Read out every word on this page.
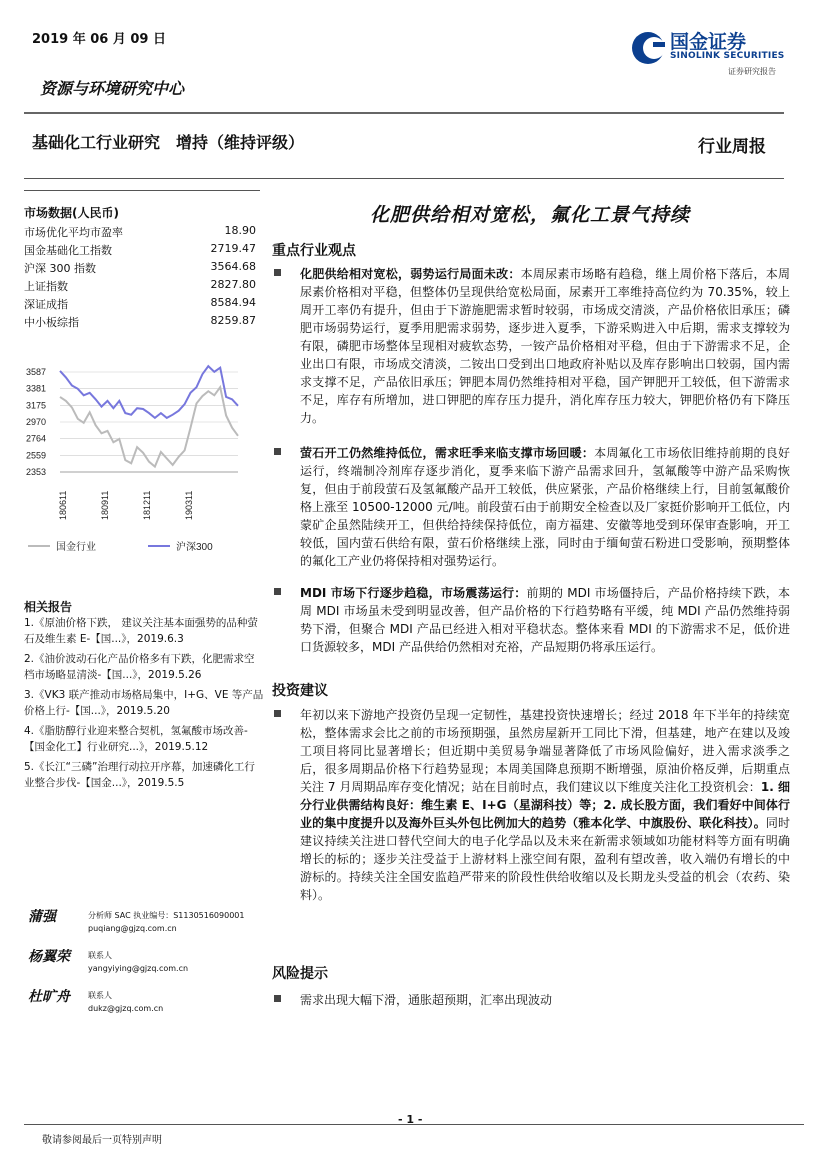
2019 年 06 月 09 日
资源与环境研究中心
国金证券
SINOLINK SECURITIES
证券研究报告
基础化工行业研究　增持（维持评级）	行业周报
市场数据(人民币)
市场优化平均市盈率	18.90
国金基础化工指数	2719.47
沪深 300 指数	3564.68
上证指数	2827.80
深证成指	8584.94
中小板综指	8259.87
3587
3381
3175
2970
2764
2559
2353
180611	180911	181211	190311
国金行业	沪深300
相关报告
1.《原油价格下跌， 建议关注基本面强势的品种萤石及维生素 E-【国...》，2019.6.3
2.《油价波动石化产品价格多有下跌，化肥需求空档市场略显清淡-【国...》，2019.5.26
3.《VK3 联产推动市场格局集中，I+G、VE 等产品价格上行-【国...》，2019.5.20
4.《脂肪醇行业迎来整合契机，氢氟酸市场改善-【国金化工】行业研究...》，2019.5.12
5.《长江“三磷”治理行动拉开序幕，加速磷化工行业整合步伐-【国金...》，2019.5.5
蒲强	分析师 SAC 执业编号：S1130516090001
puqiang@gjzq.com.cn
杨翼荣 联系人
yangyiying@gjzq.com.cn
杜旷舟 联系人
dukz@gjzq.com.cn
化肥供给相对宽松，氟化工景气持续
重点行业观点
化肥供给相对宽松，弱势运行局面未改：本周尿素市场略有趋稳，继上周价格下落后，本周尿素价格相对平稳，但整体仍呈现供给宽松局面，尿素开工率维持高位约为 70.35%，较上周开工率仍有提升，但由于下游施肥需求暂时较弱，市场成交清淡，产品价格依旧承压；磷肥市场弱势运行，夏季用肥需求弱势，逐步进入夏季，下游采购进入中后期，需求支撑较为有限，磷肥市场整体呈现相对疲软态势，一铵产品价格相对平稳，但由于下游需求不足，企业出口有限，市场成交清淡，二铵出口受到出口地政府补贴以及库存影响出口较弱，国内需求支撑不足，产品依旧承压；钾肥本周仍然维持相对平稳，国产钾肥开工较低，但下游需求不足，库存有所增加，进口钾肥的库存压力提升，消化库存压力较大，钾肥价格仍有下降压力。
萤石开工仍然维持低位，需求旺季来临支撑市场回暖：本周氟化工市场依旧维持前期的良好运行，终端制冷剂库存逐步消化，夏季来临下游产品需求回升，氢氟酸等中游产品采购恢复，但由于前段萤石及氢氟酸产品开工较低，供应紧张，产品价格继续上行，目前氢氟酸价格上涨至 10500-12000 元/吨。前段萤石由于前期安全检查以及厂家挺价影响开工低位，内蒙矿企虽然陆续开工，但供给持续保持低位，南方福建、安徽等地受到环保审查影响，开工较低，国内萤石供给有限，萤石价格继续上涨，同时由于缅甸萤石粉进口受影响，预期整体的氟化工产业仍将保持相对强势运行。
MDI 市场下行逐步趋稳，市场震荡运行：前期的 MDI 市场僵持后，产品价格持续下跌，本周 MDI 市场虽未受到明显改善，但产品价格的下行趋势略有平缓，纯 MDI 产品仍然维持弱势下滑，但聚合 MDI 产品已经进入相对平稳状态。整体来看 MDI 的下游需求不足，低价进口货源较多，MDI 产品供给仍然相对充裕，产品短期仍将承压运行。
投资建议
年初以来下游地产投资仍呈现一定韧性，基建投资快速增长；经过 2018 年下半年的持续宽松，整体需求会比之前的市场预期强，虽然房屋新开工同比下滑，但基建，地产在建以及竣工项目将同比显著增长；但近期中美贸易争端显著降低了市场风险偏好，进入需求淡季之后，很多周期品价格下行趋势显现；本周美国降息预期不断增强，原油价格反弹，后期重点关注 7 月周期品库存变化情况；站在目前时点，我们建议以下维度关注化工投资机会：1. 细分行业供需结构良好：维生素 E、I+G（星湖科技）等；2. 成长股方面，我们看好中间体行业的集中度提升以及海外巨头外包比例加大的趋势（雅本化学、中旗股份、联化科技）。同时建议持续关注进口替代空间大的电子化学品以及未来在新需求领域如功能材料等方面有明确增长的标的；逐步关注受益于上游材料上涨空间有限，盈利有望改善，收入端仍有增长的中游标的。持续关注全国安监趋严带来的阶段性供给收缩以及长期龙头受益的机会（农药、染料）。
风险提示
需求出现大幅下滑，通胀超预期，汇率出现波动
- 1 -
敬请参阅最后一页特别声明
